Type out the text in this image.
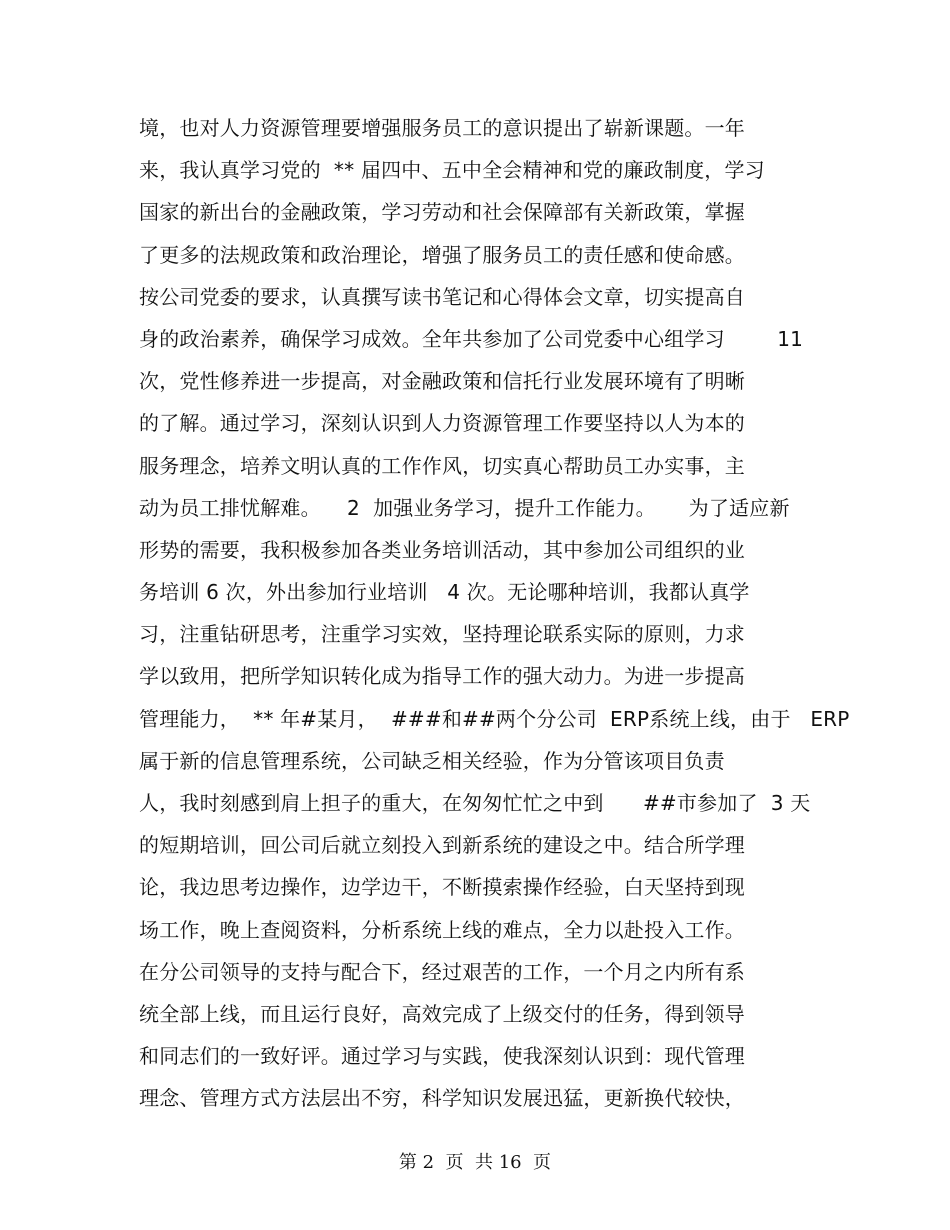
境，也对人力资源管理要增强服务员工的意识提出了崭新课题。一年
来，我认真学习党的  ** 届四中、五中全会精神和党的廉政制度，学习
国家的新出台的金融政策，学习劳动和社会保障部有关新政策，掌握
了更多的法规政策和政治理论，增强了服务员工的责任感和使命感。
按公司党委的要求，认真撰写读书笔记和心得体会文章，切实提高自
身的政治素养，确保学习成效。全年共参加了公司党委中心组学习        11
次，党性修养进一步提高，对金融政策和信托行业发展环境有了明晰
的了解。通过学习，深刻认识到人力资源管理工作要坚持以人为本的
服务理念，培养文明认真的工作作风，切实真心帮助员工办实事，主
动为员工排忧解难。    2  加强业务学习，提升工作能力。     为了适应新
形势的需要，我积极参加各类业务培训活动，其中参加公司组织的业
务培训 6 次，外出参加行业培训   4 次。无论哪种培训，我都认真学
习，注重钻研思考，注重学习实效，坚持理论联系实际的原则，力求
学以致用，把所学知识转化成为指导工作的强大动力。为进一步提高
管理能力，  ** 年#某月，  ###和##两个分公司  ERP系统上线，由于   ERP
属于新的信息管理系统，公司缺乏相关经验，作为分管该项目负责
人，我时刻感到肩上担子的重大，在匆匆忙忙之中到      ##市参加了  3 天
的短期培训，回公司后就立刻投入到新系统的建设之中。结合所学理
论，我边思考边操作，边学边干，不断摸索操作经验，白天坚持到现
场工作，晚上查阅资料，分析系统上线的难点，全力以赴投入工作。
在分公司领导的支持与配合下，经过艰苦的工作，一个月之内所有系
统全部上线，而且运行良好，高效完成了上级交付的任务，得到领导
和同志们的一致好评。通过学习与实践，使我深刻认识到：现代管理
理念、管理方式方法层出不穷，科学知识发展迅猛，更新换代较快，
第 2  页  共 16  页
